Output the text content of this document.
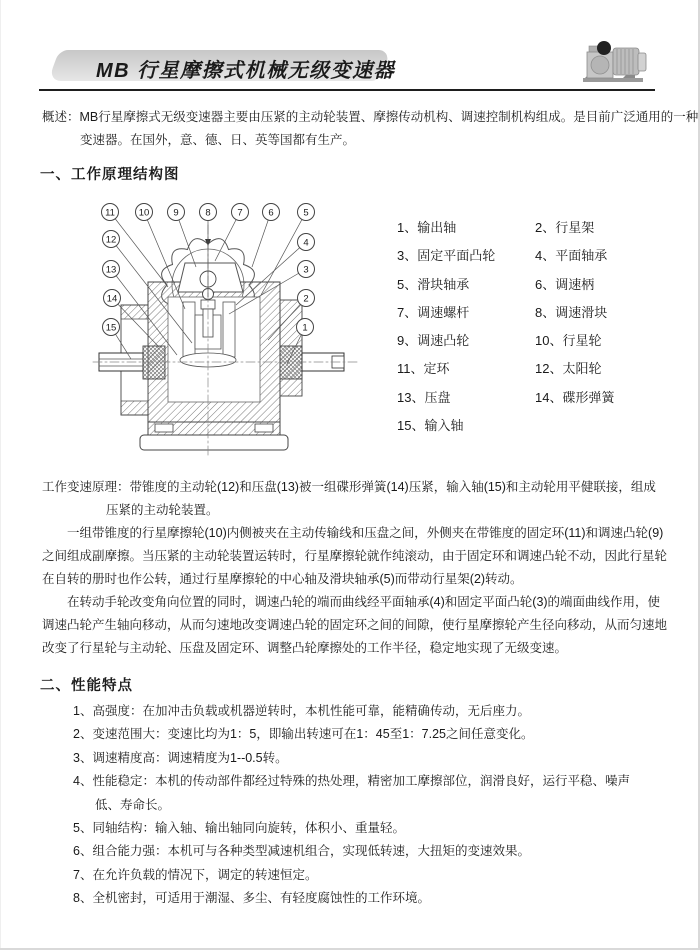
MB 行星摩擦式机械无级变速器

概述：MB行星摩擦式无级变速器主要由压紧的主动轮装置、摩擦传动机构、调速控制机构组成。是目前广泛通用的一种变速器。在国外，意、德、日、英等国都有生产。

一、工作原理结构图
1
2
3
4
5
6
7
8
9
10
11
12
13
14
15
1、输出轴	2、行星架
3、固定平面凸轮	4、平面轴承
5、滑块轴承	6、调速柄
7、调速螺杆	8、调速滑块
9、调速凸轮	10、行星轮
11、定环	12、太阳轮
13、压盘	14、碟形弹簧
15、输入轴

工作变速原理：带锥度的主动轮(12)和压盘(13)被一组碟形弹簧(14)压紧，输入轴(15)和主动轮用平健联接，组成压紧的主动轮装置。

一组带锥度的行星摩擦轮(10)内侧被夹在主动传输线和压盘之间，外侧夹在带锥度的固定环(11)和调速凸轮(9)之间组成副摩擦。当压紧的主动轮装置运转时，行星摩擦轮就作纯滚动，由于固定环和调速凸轮不动，因此行星轮在自转的册时也作公转，通过行星摩擦轮的中心轴及滑块轴承(5)而带动行星架(2)转动。

在转动手轮改变角向位置的同时，调速凸轮的端而曲线经平面轴承(4)和固定平面凸轮(3)的端面曲线作用，使调速凸轮产生轴向移动，从而匀速地改变调速凸轮的固定环之间的间隙，使行星摩擦轮产生径向移动，从而匀速地改变了行星轮与主动轮、压盘及固定环、调整凸轮摩擦处的工作半径，稳定地实现了无级变速。

二、性能特点
1、高强度：在加冲击负载或机器逆转时，本机性能可靠，能精确传动，无后座力。
2、变速范围大：变速比均为1：5，即输出转速可在1：45至1：7.25之间任意变化。
3、调速精度高：调速精度为1--0.5转。
4、性能稳定：本机的传动部件都经过特殊的热处理，精密加工摩擦部位，润滑良好，运行平稳、噪声低、寿命长。
5、同轴结构：输入轴、输出轴同向旋转，体积小、重量轻。
6、组合能力强：本机可与各种类型减速机组合，实现低转速，大扭矩的变速效果。
7、在允许负载的情况下，调定的转速恒定。
8、全机密封，可适用于潮湿、多尘、有轻度腐蚀性的工作环境。
